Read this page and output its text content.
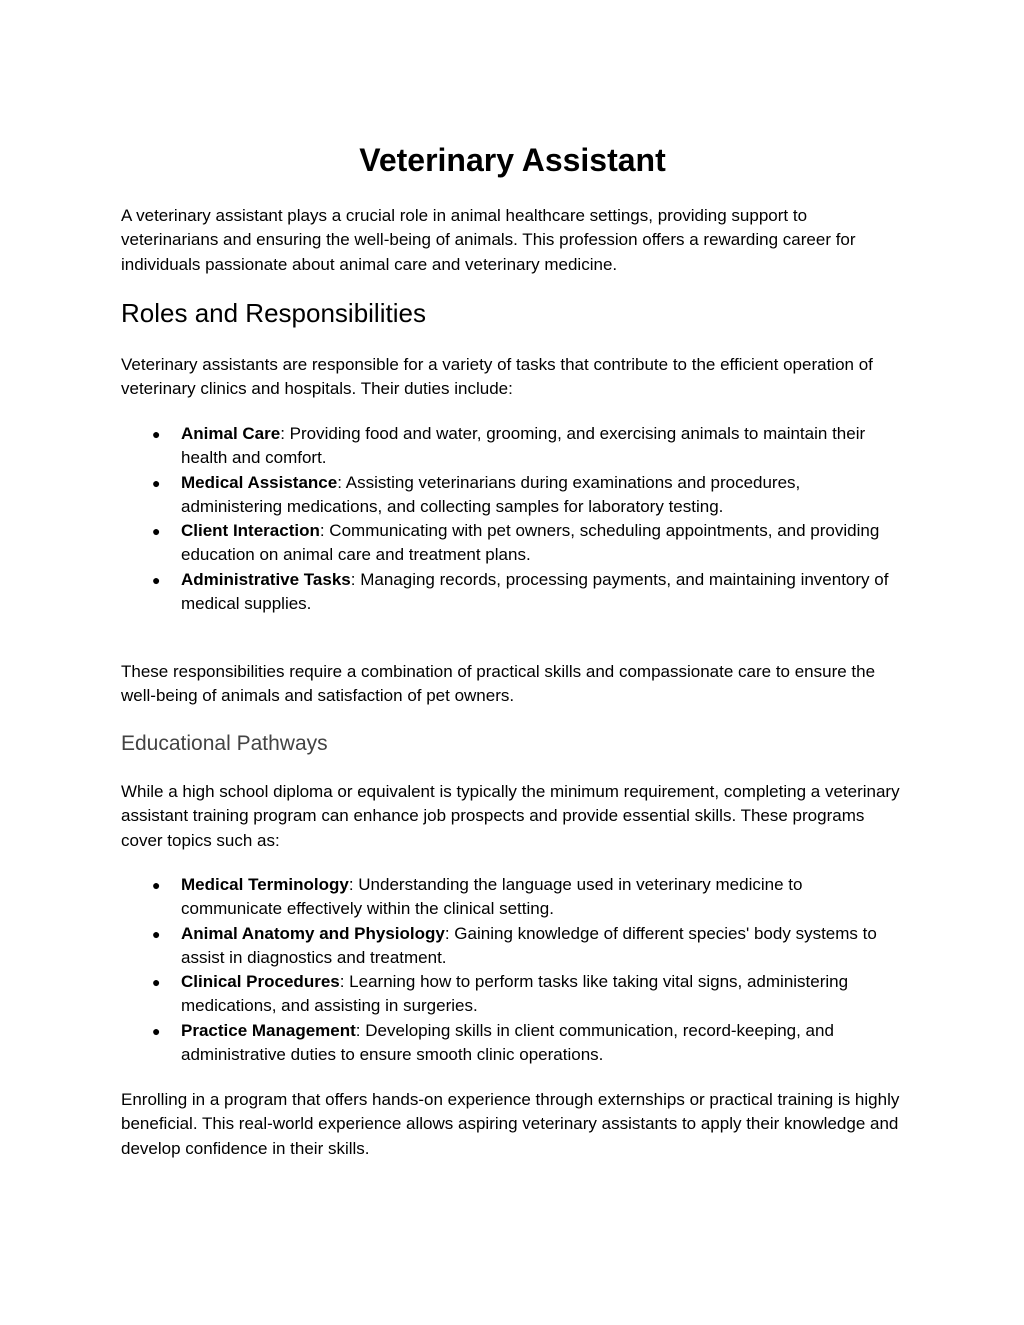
Veterinary Assistant

A veterinary assistant plays a crucial role in animal healthcare settings, providing support to veterinarians and ensuring the well-being of animals. This profession offers a rewarding career for individuals passionate about animal care and veterinary medicine.

Roles and Responsibilities

Veterinary assistants are responsible for a variety of tasks that contribute to the efficient operation of veterinary clinics and hospitals. Their duties include:

● Animal Care: Providing food and water, grooming, and exercising animals to maintain their health and comfort.
● Medical Assistance: Assisting veterinarians during examinations and procedures, administering medications, and collecting samples for laboratory testing.
● Client Interaction: Communicating with pet owners, scheduling appointments, and providing education on animal care and treatment plans.
● Administrative Tasks: Managing records, processing payments, and maintaining inventory of medical supplies.

These responsibilities require a combination of practical skills and compassionate care to ensure the well-being of animals and satisfaction of pet owners.

Educational Pathways

While a high school diploma or equivalent is typically the minimum requirement, completing a veterinary assistant training program can enhance job prospects and provide essential skills. These programs cover topics such as:

● Medical Terminology: Understanding the language used in veterinary medicine to communicate effectively within the clinical setting.
● Animal Anatomy and Physiology: Gaining knowledge of different species' body systems to assist in diagnostics and treatment.
● Clinical Procedures: Learning how to perform tasks like taking vital signs, administering medications, and assisting in surgeries.
● Practice Management: Developing skills in client communication, record-keeping, and administrative duties to ensure smooth clinic operations.

Enrolling in a program that offers hands-on experience through externships or practical training is highly beneficial. This real-world experience allows aspiring veterinary assistants to apply their knowledge and develop confidence in their skills.
